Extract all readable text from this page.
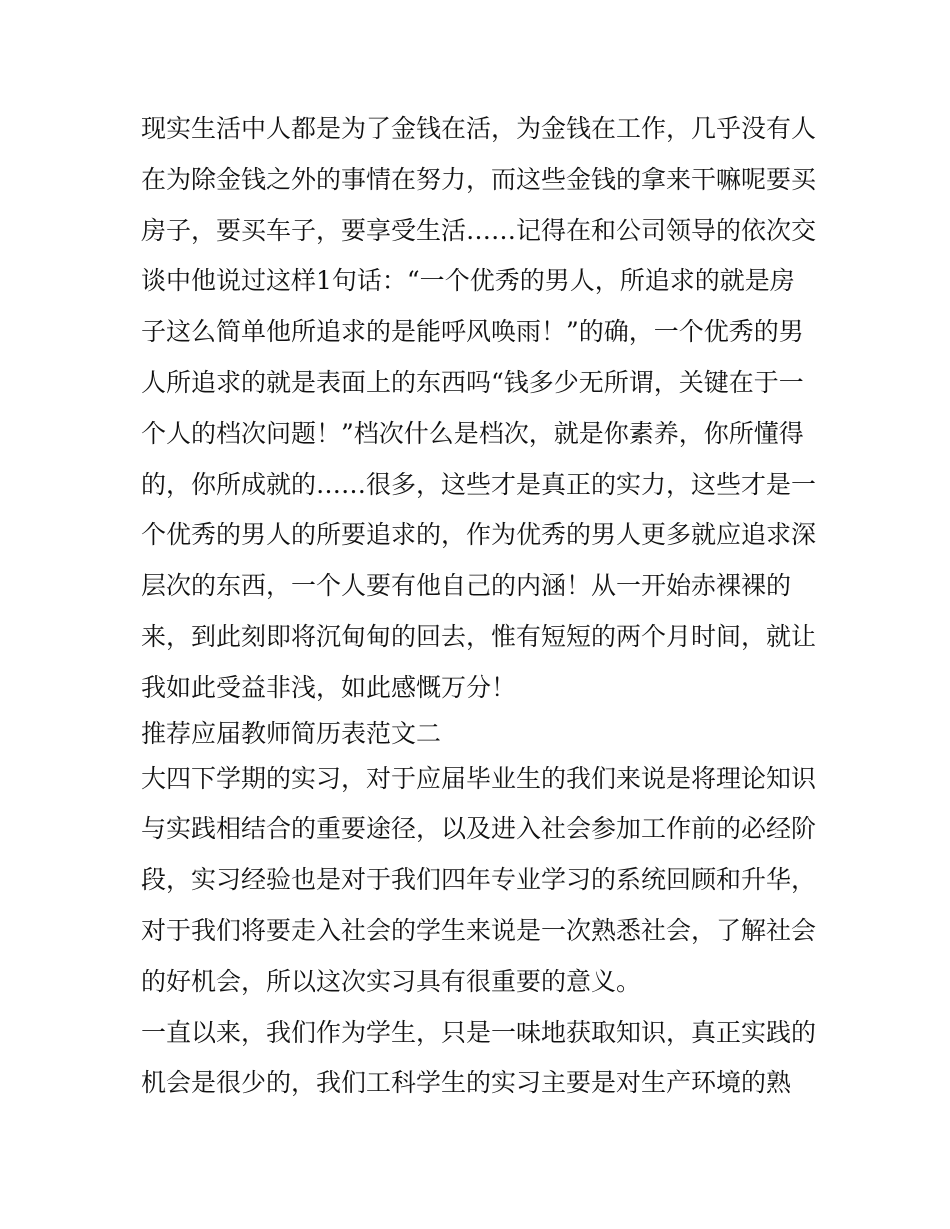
现实生活中人都是为了金钱在活，为金钱在工作，几乎没有人
在为除金钱之外的事情在努力，而这些金钱的拿来干嘛呢要买
房子，要买车子，要享受生活……记得在和公司领导的依次交
谈中他说过这样1句话：“一个优秀的男人，所追求的就是房
子这么简单他所追求的是能呼风唤雨！”的确，一个优秀的男
人所追求的就是表面上的东西吗“钱多少无所谓，关键在于一
个人的档次问题！”档次什么是档次，就是你素养，你所懂得
的，你所成就的……很多，这些才是真正的实力，这些才是一
个优秀的男人的所要追求的，作为优秀的男人更多就应追求深
层次的东西，一个人要有他自己的内涵！从一开始赤裸裸的
来，到此刻即将沉甸甸的回去，惟有短短的两个月时间，就让
我如此受益非浅，如此感慨万分！
推荐应届教师简历表范文二
大四下学期的实习，对于应届毕业生的我们来说是将理论知识
与实践相结合的重要途径，以及进入社会参加工作前的必经阶
段，实习经验也是对于我们四年专业学习的系统回顾和升华，
对于我们将要走入社会的学生来说是一次熟悉社会，了解社会
的好机会，所以这次实习具有很重要的意义。
一直以来，我们作为学生，只是一味地获取知识，真正实践的
机会是很少的，我们工科学生的实习主要是对生产环境的熟
